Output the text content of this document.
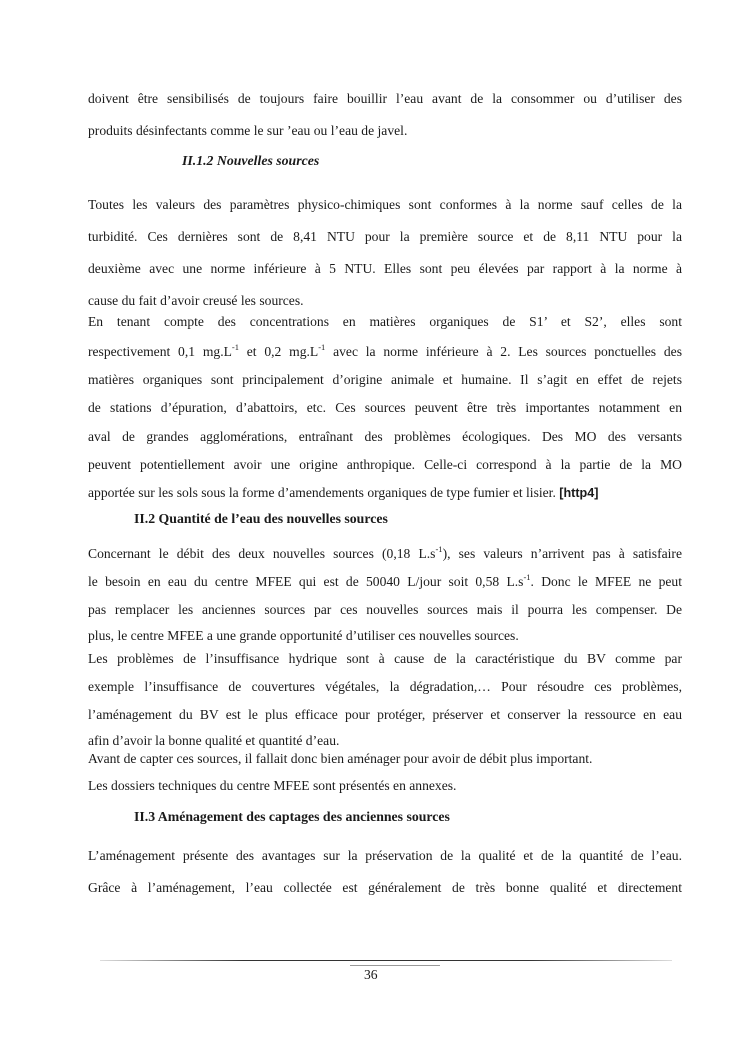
doivent être sensibilisés de toujours faire bouillir l’eau avant de la consommer ou d’utiliser des
produits désinfectants comme le sur ’eau ou l’eau de javel.
II.1.2 Nouvelles sources
Toutes les valeurs des paramètres physico-chimiques sont conformes à la norme sauf celles de la
turbidité. Ces dernières sont de 8,41 NTU pour la première source et de 8,11 NTU pour la
deuxième avec une norme inférieure à 5 NTU. Elles sont peu élevées par rapport à la norme à
cause du fait d’avoir creusé les sources.
En tenant compte des concentrations en matières organiques de S1’ et S2’, elles sont
respectivement 0,1 $mg.L^{-1}$ et 0,2 $mg.L^{-1}$ avec la norme inférieure à 2. Les sources ponctuelles des
matières organiques sont principalement d’origine animale et humaine. Il s’agit en effet de rejets
de stations d’épuration, d’abattoirs, etc. Ces sources peuvent être très importantes notamment en
aval de grandes agglomérations, entraînant des problèmes écologiques. Des MO des versants
peuvent potentiellement avoir une origine anthropique. Celle-ci correspond à la partie de la MO
apportée sur les sols sous la forme d’amendements organiques de type fumier et lisier. [http4]
II.2 Quantité de l’eau des nouvelles sources
Concernant le débit des deux nouvelles sources (0,18 $L.s^{-1}$), ses valeurs n’arrivent pas à satisfaire
le besoin en eau du centre MFEE qui est de 50040 L/jour soit 0,58 $L.s^{-1}$. Donc le MFEE ne peut
pas remplacer les anciennes sources par ces nouvelles sources mais il pourra les compenser. De
plus, le centre MFEE a une grande opportunité d’utiliser ces nouvelles sources.
Les problèmes de l’insuffisance hydrique sont à cause de la caractéristique du BV comme par
exemple l’insuffisance de couvertures végétales, la dégradation,… Pour résoudre ces problèmes,
l’aménagement du BV est le plus efficace pour protéger, préserver et conserver la ressource en eau
afin d’avoir la bonne qualité et quantité d’eau.
Avant de capter ces sources, il fallait donc bien aménager pour avoir de débit plus important.
Les dossiers techniques du centre MFEE sont présentés en annexes.
II.3 Aménagement des captages des anciennes sources
L’aménagement présente des avantages sur la préservation de la qualité et de la quantité de l’eau.
Grâce à l’aménagement, l’eau collectée est généralement de très bonne qualité et directement
36
